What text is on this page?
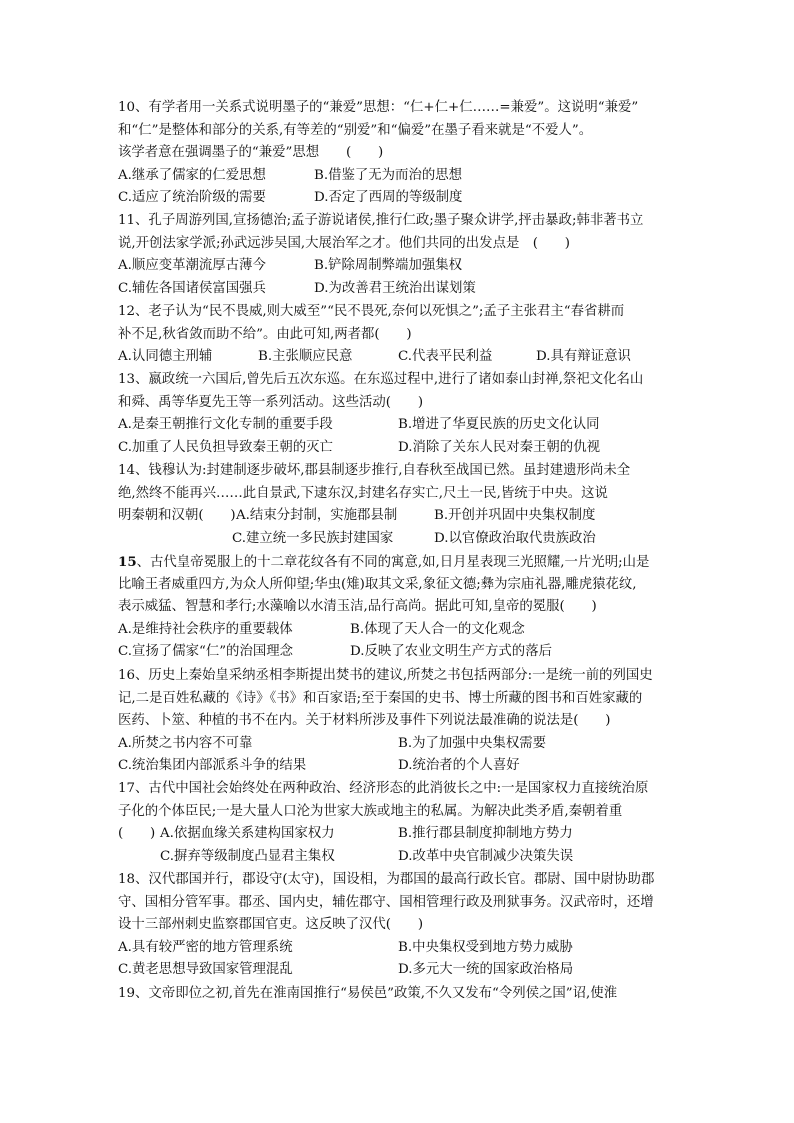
10、有学者用一关系式说明墨子的“兼爱”思想：“仁+仁+仁……=兼爱”。这说明“兼爱”
和“仁”是整体和部分的关系,有等差的“别爱”和“偏爱”在墨子看来就是“不爱人”。
该学者意在强调墨子的“兼爱”思想　　(　　)
A.继承了儒家的仁爱思想	B.借鉴了无为而治的思想
C.适应了统治阶级的需要	D.否定了西周的等级制度
11、孔子周游列国,宣扬德治;孟子游说诸侯,推行仁政;墨子聚众讲学,抨击暴政;韩非著书立
说,开创法家学派;孙武远涉吴国,大展治军之才。他们共同的出发点是　(　　)
A.顺应变革潮流厚古薄今	B.铲除周制弊端加强集权
C.辅佐各国诸侯富国强兵	D.为改善君王统治出谋划策
12、老子认为“民不畏威,则大威至”“民不畏死,奈何以死惧之”;孟子主张君主“春省耕而
补不足,秋省敛而助不给”。由此可知,两者都(　　)
A.认同德主刑辅	B.主张顺应民意	C.代表平民利益	D.具有辩证意识
13、嬴政统一六国后,曾先后五次东巡。在东巡过程中,进行了诸如泰山封禅,祭祀文化名山
和舜、禹等华夏先王等一系列活动。这些活动(　　)
A.是秦王朝推行文化专制的重要手段	B.增进了华夏民族的历史文化认同
C.加重了人民负担导致秦王朝的灭亡	D.消除了关东人民对秦王朝的仇视
14、钱穆认为:封建制逐步破坏,郡县制逐步推行,自春秋至战国已然。虽封建遗形尚未全
绝,然终不能再兴……此自景武,下逮东汉,封建名存实亡,尺土一民,皆统于中央。这说
明秦朝和汉朝(　　) A.结束分封制，实施郡县制	B.开创并巩固中央集权制度
C.建立统一多民族封建国家	D.以官僚政治取代贵族政治
15、古代皇帝冕服上的十二章花纹各有不同的寓意,如,日月星表现三光照耀,一片光明;山是
比喻王者威重四方,为众人所仰望;华虫(雉)取其文采,象征文德;彝为宗庙礼器,雕虎猿花纹,
表示威猛、智慧和孝行;水藻喻以水清玉洁,品行高尚。据此可知,皇帝的冕服(　　)
A.是维持社会秩序的重要载体	B.体现了天人合一的文化观念
C.宣扬了儒家“仁”的治国理念	D.反映了农业文明生产方式的落后
16、历史上秦始皇采纳丞相李斯提出焚书的建议,所焚之书包括两部分:一是统一前的列国史
记,二是百姓私藏的《诗》《书》和百家语;至于秦国的史书、博士所藏的图书和百姓家藏的
医药、卜筮、种植的书不在内。关于材料所涉及事件下列说法最准确的说法是(　　)
A.所焚之书内容不可靠	B.为了加强中央集权需要
C.统治集团内部派系斗争的结果	D.统治者的个人喜好
17、古代中国社会始终处在两种政治、经济形态的此消彼长之中:一是国家权力直接统治原
子化的个体臣民;一是大量人口沦为世家大族或地主的私属。为解决此类矛盾,秦朝着重
(　　) A.依据血缘关系建构国家权力	B.推行郡县制度抑制地方势力
C.摒弃等级制度凸显君主集权	D.改革中央官制减少决策失误
18、汉代郡国并行，郡设守(太守)，国设相，为郡国的最高行政长官。郡尉、国中尉协助郡
守、国相分管军事。郡丞、国内史，辅佐郡守、国相管理行政及刑狱事务。汉武帝时，还增
设十三部州刺史监察郡国官吏。这反映了汉代(　　)
A.具有较严密的地方管理系统	B.中央集权受到地方势力威胁
C.黄老思想导致国家管理混乱	D.多元大一统的国家政治格局
19、文帝即位之初,首先在淮南国推行“易侯邑”政策,不久又发布“令列侯之国”诏,使淮
